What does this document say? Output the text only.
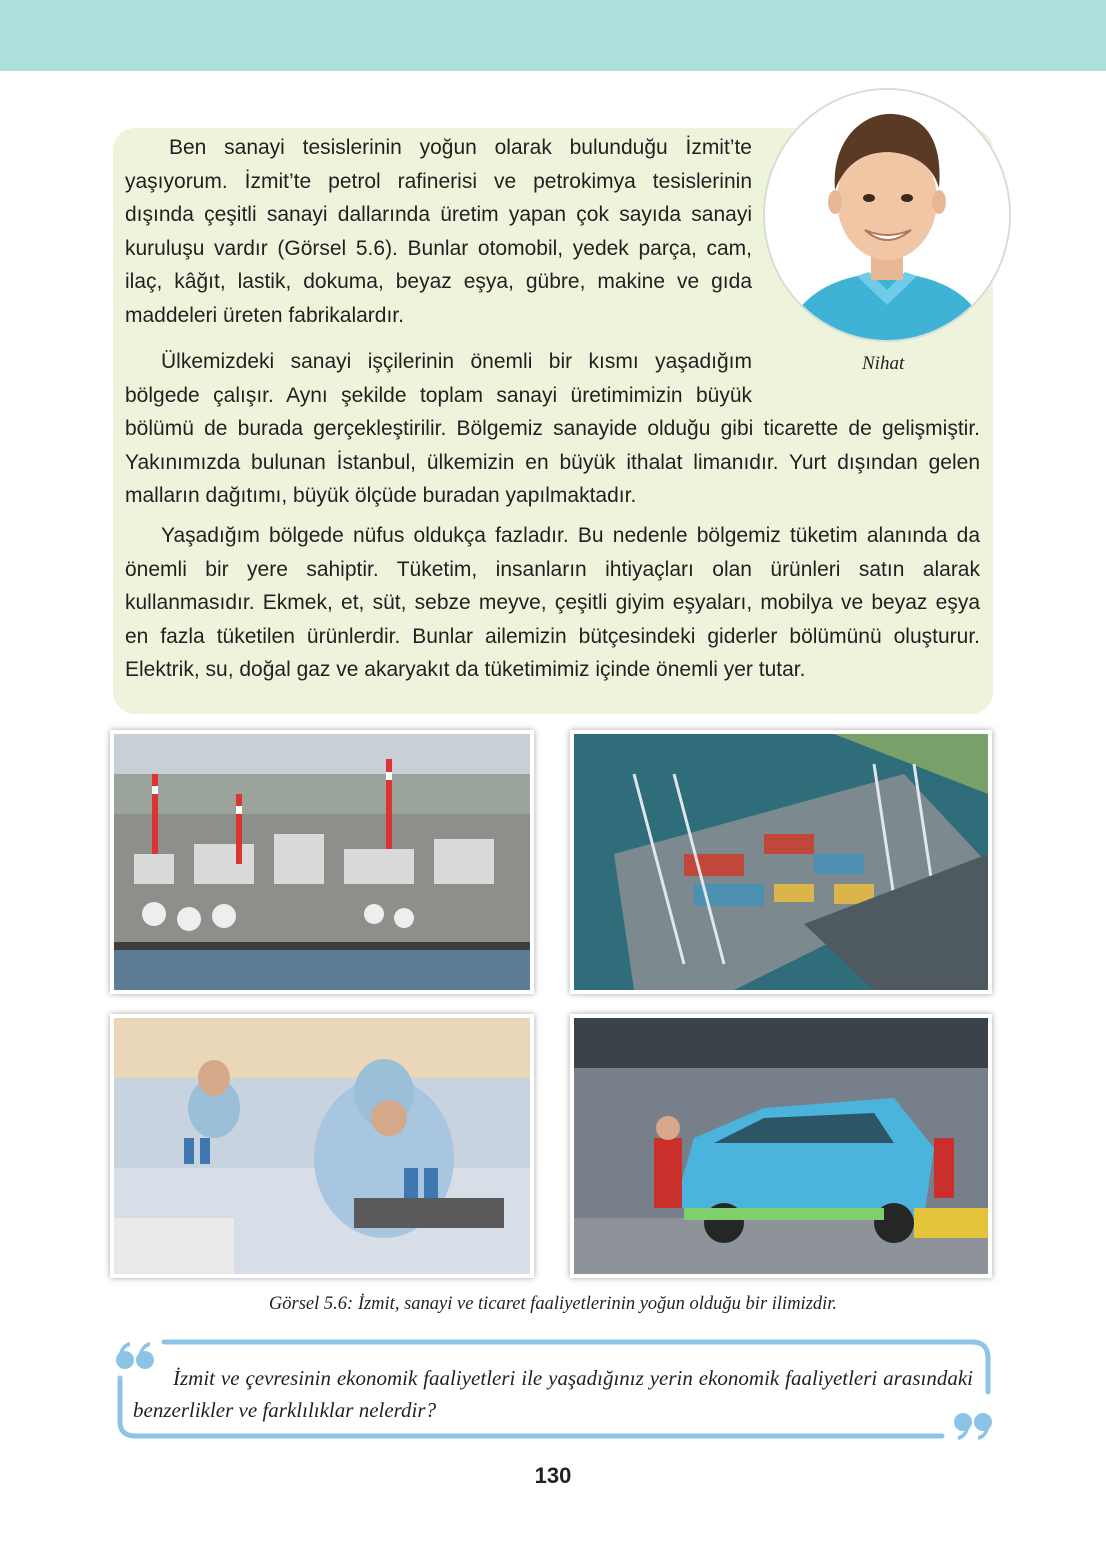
Ben sanayi tesislerinin yoğun olarak bulunduğu İzmit’te yaşıyorum. İzmit’te petrol rafinerisi ve petrokimya tesislerinin dışında çeşitli sanayi dallarında üretim yapan çok sayıda sanayi kuruluşu vardır (Görsel 5.6). Bunlar otomobil, yedek parça, cam, ilaç, kâğıt, lastik, dokuma, beyaz eşya, gübre, makine ve gıda maddeleri üreten fabrikalardır.

Ülkemizdeki sanayi işçilerinin önemli bir kısmı yaşadığım bölgede çalışır. Aynı şekilde toplam sanayi üretimimizin büyük bölümü de burada gerçekleştirilir. Bölgemiz sanayide olduğu gibi ticarette de gelişmiştir. Yakınımızda bulunan İstanbul, ülkemizin en büyük ithalat limanıdır. Yurt dışından gelen malların dağıtımı, büyük ölçüde buradan yapılmaktadır.

Yaşadığım bölgede nüfus oldukça fazladır. Bu nedenle bölgemiz tüketim alanında da önemli bir yere sahiptir. Tüketim, insanların ihtiyaçları olan ürünleri satın alarak kullanmasıdır. Ekmek, et, süt, sebze meyve, çeşitli giyim eşyaları, mobilya ve beyaz eşya en fazla tüketilen ürünlerdir. Bunlar ailemizin bütçesindeki giderler bölümünü oluşturur. Elektrik, su, doğal gaz ve akaryakıt da tüketimimiz içinde önemli yer tutar.

Nihat
Görsel 5.6: İzmit, sanayi ve ticaret faaliyetlerinin yoğun olduğu bir ilimizdir.

İzmit ve çevresinin ekonomik faaliyetleri ile yaşadığınız yerin ekonomik faaliyetleri arasındaki benzerlikler ve farklılıklar nelerdir?

130
